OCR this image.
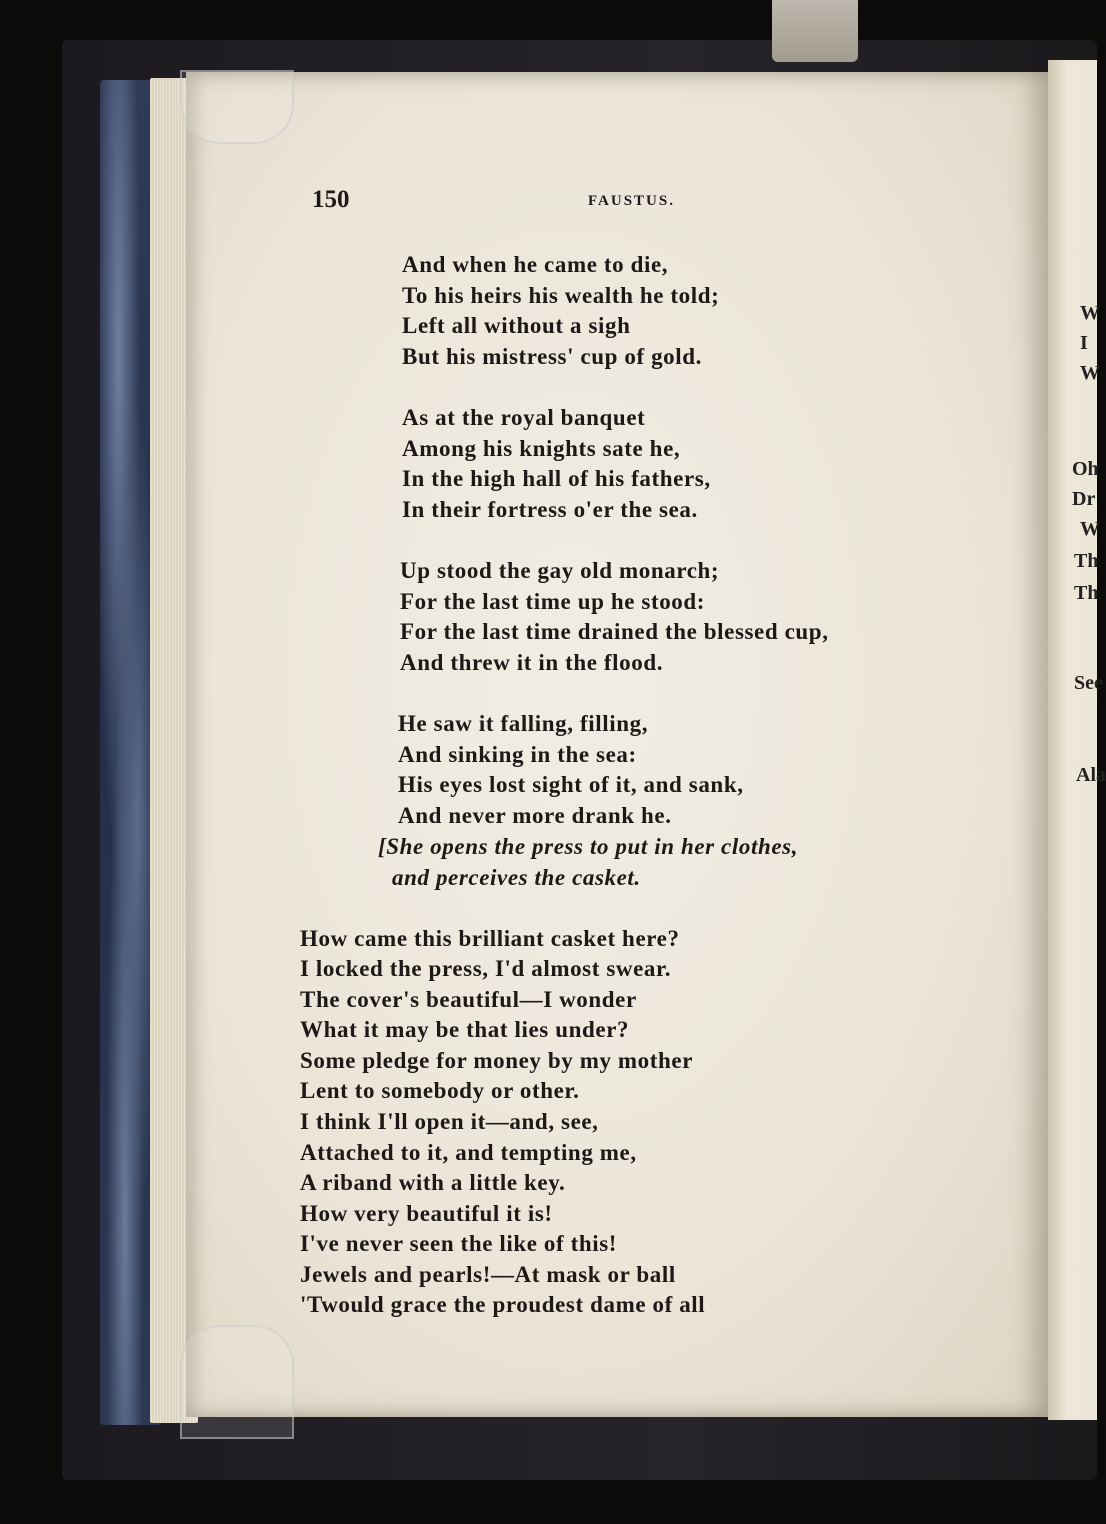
W
I
W
Oh
Dr
W
Th
Th
See
Ala
150	FAUSTUS.
And when he came to die,
To his heirs his wealth he told;
Left all without a sigh
But his mistress' cup of gold.
As at the royal banquet
Among his knights sate he,
In the high hall of his fathers,
In their fortress o'er the sea.
Up stood the gay old monarch;
For the last time up he stood:
For the last time drained the blessed cup,
And threw it in the flood.
He saw it falling, filling,
And sinking in the sea:
His eyes lost sight of it, and sank,
And never more drank he.
[She opens the press to put in her clothes,
and perceives the casket.
How came this brilliant casket here?
I locked the press, I'd almost swear.
The cover's beautiful—I wonder
What it may be that lies under?
Some pledge for money by my mother
Lent to somebody or other.
I think I'll open it—and, see,
Attached to it, and tempting me,
A riband with a little key.
How very beautiful it is!
I've never seen the like of this!
Jewels and pearls!—At mask or ball
'Twould grace the proudest dame of all
